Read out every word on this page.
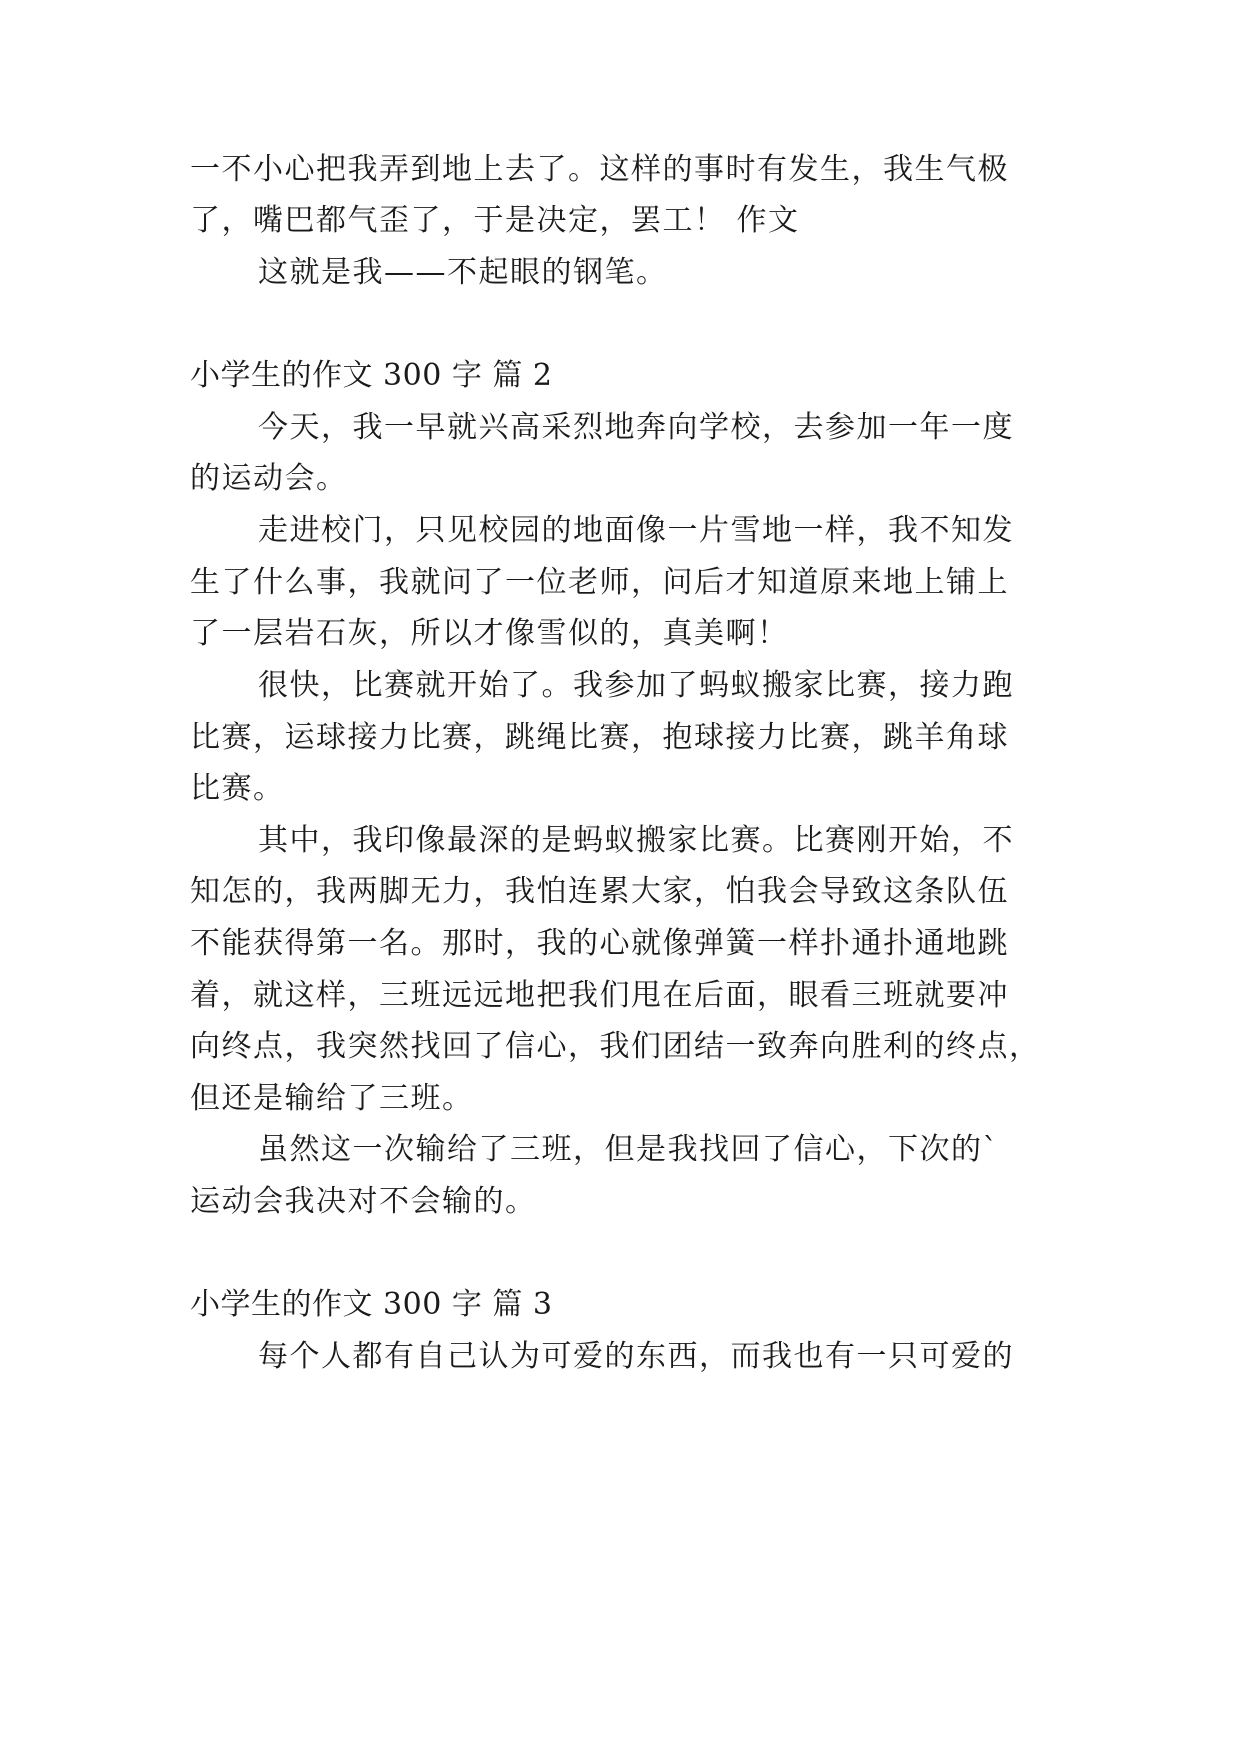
一不小心把我弄到地上去了。这样的事时有发生，我生气极
了，嘴巴都气歪了，于是决定，罢工！ 作文
这就是我——不起眼的钢笔。
小学生的作文 300 字 篇 2
今天，我一早就兴高采烈地奔向学校，去参加一年一度
的运动会。
走进校门，只见校园的地面像一片雪地一样，我不知发
生了什么事，我就问了一位老师，问后才知道原来地上铺上
了一层岩石灰，所以才像雪似的，真美啊！
很快，比赛就开始了。我参加了蚂蚁搬家比赛，接力跑
比赛，运球接力比赛，跳绳比赛，抱球接力比赛，跳羊角球
比赛。
其中，我印像最深的是蚂蚁搬家比赛。比赛刚开始，不
知怎的，我两脚无力，我怕连累大家，怕我会导致这条队伍
不能获得第一名。那时，我的心就像弹簧一样扑通扑通地跳
着，就这样，三班远远地把我们甩在后面，眼看三班就要冲
向终点，我突然找回了信心，我们团结一致奔向胜利的终点，
但还是输给了三班。
虽然这一次输给了三班，但是我找回了信心，下次的`
运动会我决对不会输的。
小学生的作文 300 字 篇 3
每个人都有自己认为可爱的东西，而我也有一只可爱的
